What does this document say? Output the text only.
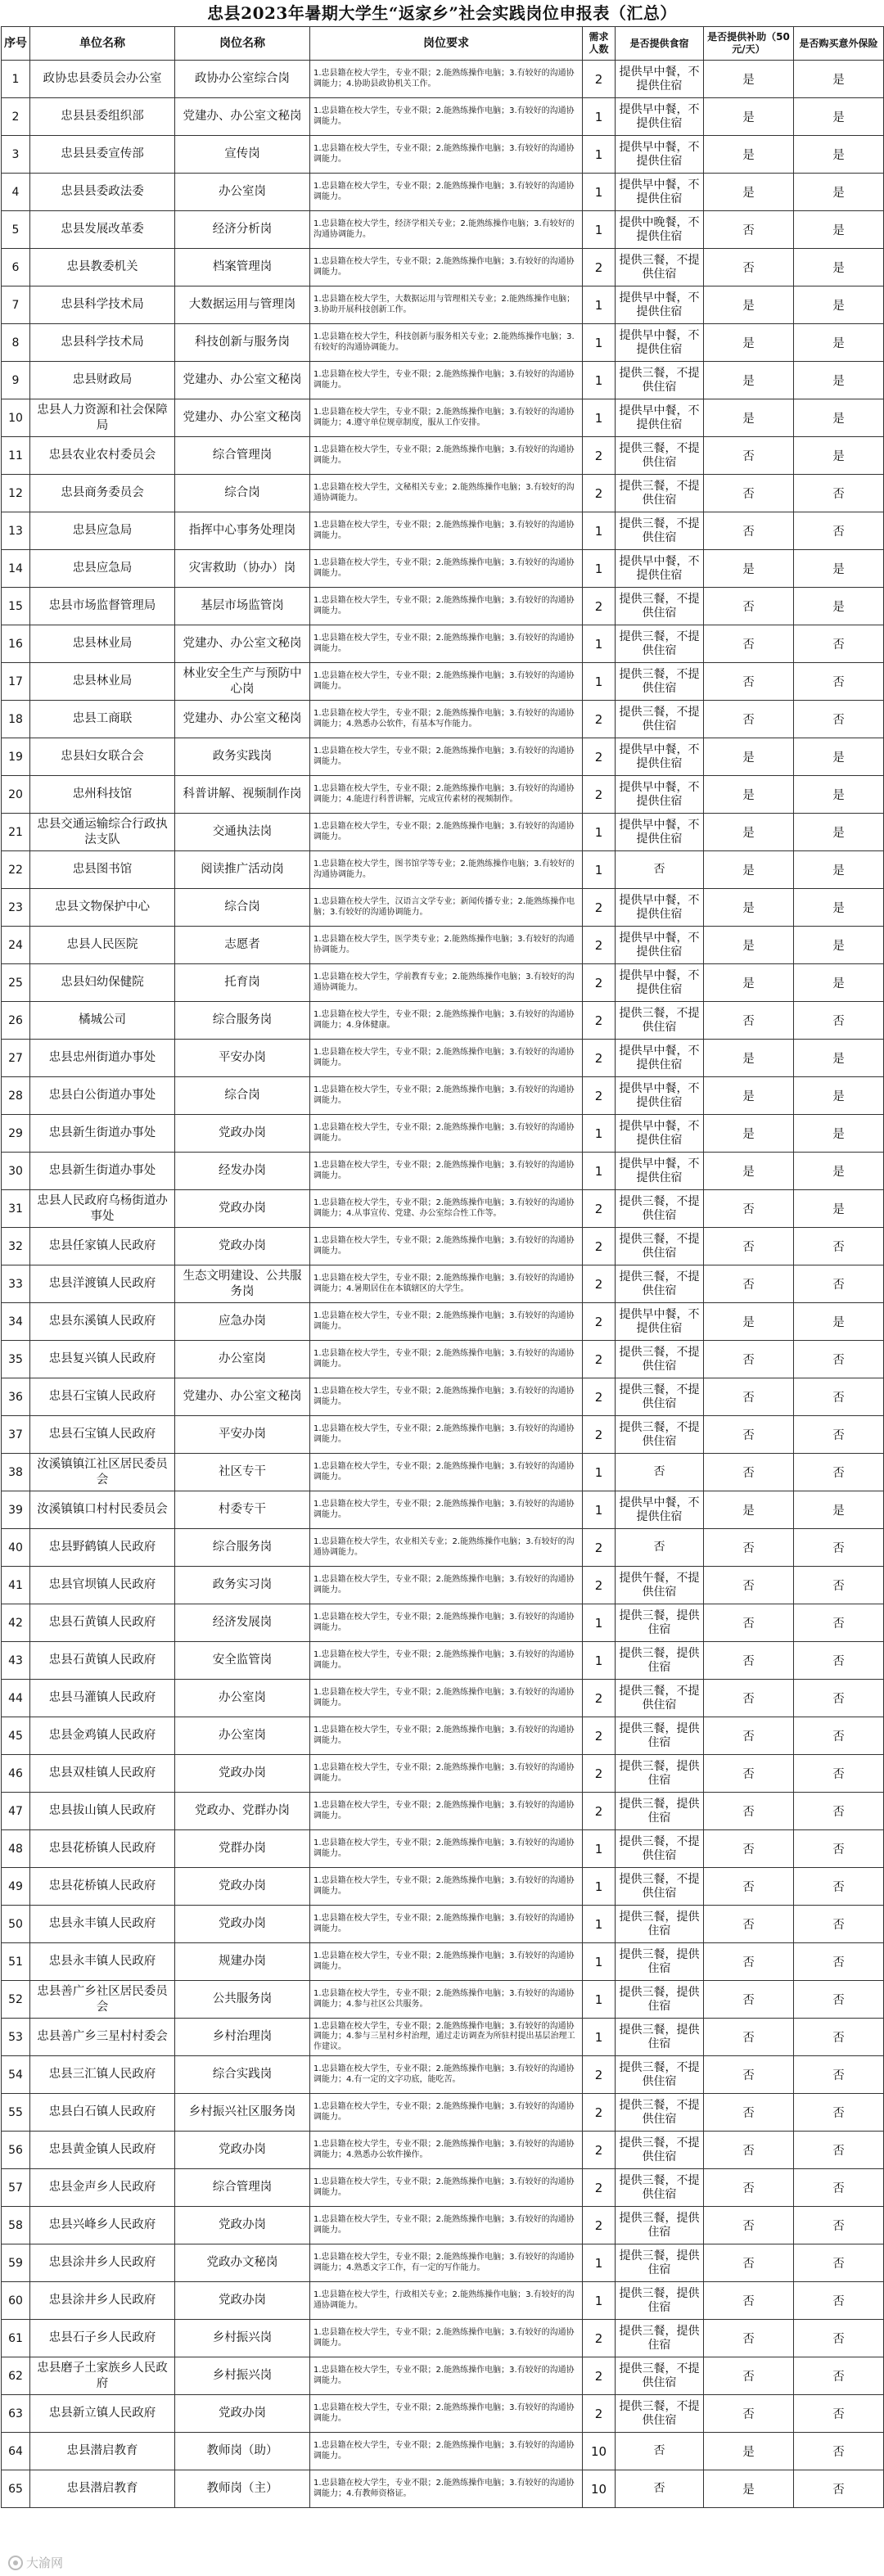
忠县2023年暑期大学生“返家乡”社会实践岗位申报表（汇总）
序号	单位名称	岗位名称	岗位要求	需求人数	是否提供食宿	是否提供补助（50元/天）	是否购买意外保险
1	政协忠县委员会办公室	政协办公室综合岗	1.忠县籍在校大学生，专业不限；2.能熟练操作电脑；3.有较好的沟通协调能力；4.协助县政协机关工作。	2	提供早中餐，不提供住宿	是	是
2	忠县县委组织部	党建办、办公室文秘岗	1.忠县籍在校大学生，专业不限；2.能熟练操作电脑；3.有较好的沟通协调能力。	1	提供早中餐，不提供住宿	是	是
3	忠县县委宣传部	宣传岗	1.忠县籍在校大学生，专业不限；2.能熟练操作电脑；3.有较好的沟通协调能力。	1	提供早中餐，不提供住宿	是	是
4	忠县县委政法委	办公室岗	1.忠县籍在校大学生，专业不限；2.能熟练操作电脑；3.有较好的沟通协调能力。	1	提供早中餐，不提供住宿	是	是
5	忠县发展改革委	经济分析岗	1.忠县籍在校大学生，经济学相关专业；2.能熟练操作电脑；3.有较好的沟通协调能力。	1	提供中晚餐，不提供住宿	否	是
6	忠县教委机关	档案管理岗	1.忠县籍在校大学生，专业不限；2.能熟练操作电脑；3.有较好的沟通协调能力。	2	提供三餐，不提供住宿	否	是
7	忠县科学技术局	大数据运用与管理岗	1.忠县籍在校大学生，大数据运用与管理相关专业；2.能熟练操作电脑；3.协助开展科技创新工作。	1	提供早中餐，不提供住宿	是	是
8	忠县科学技术局	科技创新与服务岗	1.忠县籍在校大学生，科技创新与服务相关专业；2.能熟练操作电脑；3.有较好的沟通协调能力。	1	提供早中餐，不提供住宿	是	是
9	忠县财政局	党建办、办公室文秘岗	1.忠县籍在校大学生，专业不限；2.能熟练操作电脑；3.有较好的沟通协调能力。	1	提供三餐，不提供住宿	是	是
10	忠县人力资源和社会保障局	党建办、办公室文秘岗	1.忠县籍在校大学生，专业不限；2.能熟练操作电脑；3.有较好的沟通协调能力；4.遵守单位规章制度，服从工作安排。	1	提供早中餐，不提供住宿	是	是
11	忠县农业农村委员会	综合管理岗	1.忠县籍在校大学生，专业不限；2.能熟练操作电脑；3.有较好的沟通协调能力。	2	提供三餐，不提供住宿	否	是
12	忠县商务委员会	综合岗	1.忠县籍在校大学生，文秘相关专业；2.能熟练操作电脑；3.有较好的沟通协调能力。	2	提供三餐，不提供住宿	否	否
13	忠县应急局	指挥中心事务处理岗	1.忠县籍在校大学生，专业不限；2.能熟练操作电脑；3.有较好的沟通协调能力。	1	提供三餐，不提供住宿	否	否
14	忠县应急局	灾害救助（协办）岗	1.忠县籍在校大学生，专业不限；2.能熟练操作电脑；3.有较好的沟通协调能力。	1	提供早中餐，不提供住宿	是	是
15	忠县市场监督管理局	基层市场监管岗	1.忠县籍在校大学生，专业不限；2.能熟练操作电脑；3.有较好的沟通协调能力。	2	提供三餐，不提供住宿	否	是
16	忠县林业局	党建办、办公室文秘岗	1.忠县籍在校大学生，专业不限；2.能熟练操作电脑；3.有较好的沟通协调能力。	1	提供三餐，不提供住宿	否	否
17	忠县林业局	林业安全生产与预防中心岗	1.忠县籍在校大学生，专业不限；2.能熟练操作电脑；3.有较好的沟通协调能力。	1	提供三餐，不提供住宿	否	否
18	忠县工商联	党建办、办公室文秘岗	1.忠县籍在校大学生，专业不限；2.能熟练操作电脑；3.有较好的沟通协调能力；4.熟悉办公软件，有基本写作能力。	2	提供三餐，不提供住宿	否	否
19	忠县妇女联合会	政务实践岗	1.忠县籍在校大学生，专业不限；2.能熟练操作电脑；3.有较好的沟通协调能力。	2	提供早中餐，不提供住宿	是	是
20	忠州科技馆	科普讲解、视频制作岗	1.忠县籍在校大学生，专业不限；2.能熟练操作电脑；3.有较好的沟通协调能力；4.能进行科普讲解，完成宣传素材的视频制作。	2	提供早中餐，不提供住宿	是	是
21	忠县交通运输综合行政执法支队	交通执法岗	1.忠县籍在校大学生，专业不限；2.能熟练操作电脑；3.有较好的沟通协调能力。	1	提供早中餐，不提供住宿	是	是
22	忠县图书馆	阅读推广活动岗	1.忠县籍在校大学生，图书馆学等专业；2.能熟练操作电脑；3.有较好的沟通协调能力。	1	否	是	是
23	忠县文物保护中心	综合岗	1.忠县籍在校大学生，汉语言文学专业；新闻传播专业；2.能熟练操作电脑；3.有较好的沟通协调能力。	2	提供早中餐，不提供住宿	是	是
24	忠县人民医院	志愿者	1.忠县籍在校大学生，医学类专业；2.能熟练操作电脑；3.有较好的沟通协调能力。	2	提供早中餐，不提供住宿	是	是
25	忠县妇幼保健院	托育岗	1.忠县籍在校大学生，学前教育专业；2.能熟练操作电脑；3.有较好的沟通协调能力。	2	提供早中餐，不提供住宿	是	是
26	橘城公司	综合服务岗	1.忠县籍在校大学生，专业不限；2.能熟练操作电脑；3.有较好的沟通协调能力；4.身体健康。	2	提供三餐，不提供住宿	否	否
27	忠县忠州街道办事处	平安办岗	1.忠县籍在校大学生，专业不限；2.能熟练操作电脑；3.有较好的沟通协调能力。	2	提供早中餐，不提供住宿	是	是
28	忠县白公街道办事处	综合岗	1.忠县籍在校大学生，专业不限；2.能熟练操作电脑；3.有较好的沟通协调能力。	2	提供早中餐，不提供住宿	是	是
29	忠县新生街道办事处	党政办岗	1.忠县籍在校大学生，专业不限；2.能熟练操作电脑；3.有较好的沟通协调能力。	1	提供早中餐，不提供住宿	是	是
30	忠县新生街道办事处	经发办岗	1.忠县籍在校大学生，专业不限；2.能熟练操作电脑；3.有较好的沟通协调能力。	1	提供早中餐，不提供住宿	是	是
31	忠县人民政府乌杨街道办事处	党政办岗	1.忠县籍在校大学生，专业不限；2.能熟练操作电脑；3.有较好的沟通协调能力；4.从事宣传、党建、办公室综合性工作等。	2	提供三餐，不提供住宿	否	是
32	忠县任家镇人民政府	党政办岗	1.忠县籍在校大学生，专业不限；2.能熟练操作电脑；3.有较好的沟通协调能力。	2	提供三餐，不提供住宿	否	否
33	忠县洋渡镇人民政府	生态文明建设、公共服务岗	1.忠县籍在校大学生，专业不限；2.能熟练操作电脑；3.有较好的沟通协调能力；4.暑期居住在本镇辖区的大学生。	2	提供三餐，不提供住宿	否	否
34	忠县东溪镇人民政府	应急办岗	1.忠县籍在校大学生，专业不限；2.能熟练操作电脑；3.有较好的沟通协调能力。	2	提供早中餐，不提供住宿	是	是
35	忠县复兴镇人民政府	办公室岗	1.忠县籍在校大学生，专业不限；2.能熟练操作电脑；3.有较好的沟通协调能力。	2	提供三餐，不提供住宿	否	否
36	忠县石宝镇人民政府	党建办、办公室文秘岗	1.忠县籍在校大学生，专业不限；2.能熟练操作电脑；3.有较好的沟通协调能力。	2	提供三餐，不提供住宿	否	否
37	忠县石宝镇人民政府	平安办岗	1.忠县籍在校大学生，专业不限；2.能熟练操作电脑；3.有较好的沟通协调能力。	2	提供三餐，不提供住宿	否	否
38	汝溪镇镇江社区居民委员会	社区专干	1.忠县籍在校大学生，专业不限；2.能熟练操作电脑；3.有较好的沟通协调能力。	1	否	否	否
39	汝溪镇镇口村村民委员会	村委专干	1.忠县籍在校大学生，专业不限；2.能熟练操作电脑；3.有较好的沟通协调能力。	1	提供早中餐，不提供住宿	是	是
40	忠县野鹤镇人民政府	综合服务岗	1.忠县籍在校大学生，农业相关专业；2.能熟练操作电脑；3.有较好的沟通协调能力。	2	否	否	否
41	忠县官坝镇人民政府	政务实习岗	1.忠县籍在校大学生，专业不限；2.能熟练操作电脑；3.有较好的沟通协调能力。	2	提供午餐，不提供住宿	否	否
42	忠县石黄镇人民政府	经济发展岗	1.忠县籍在校大学生，专业不限；2.能熟练操作电脑；3.有较好的沟通协调能力。	1	提供三餐，提供住宿	否	否
43	忠县石黄镇人民政府	安全监管岗	1.忠县籍在校大学生，专业不限；2.能熟练操作电脑；3.有较好的沟通协调能力。	1	提供三餐，提供住宿	否	否
44	忠县马灌镇人民政府	办公室岗	1.忠县籍在校大学生，专业不限；2.能熟练操作电脑；3.有较好的沟通协调能力。	2	提供三餐，不提供住宿	否	否
45	忠县金鸡镇人民政府	办公室岗	1.忠县籍在校大学生，专业不限；2.能熟练操作电脑；3.有较好的沟通协调能力。	2	提供三餐，提供住宿	否	否
46	忠县双桂镇人民政府	党政办岗	1.忠县籍在校大学生，专业不限；2.能熟练操作电脑；3.有较好的沟通协调能力。	2	提供三餐，提供住宿	否	否
47	忠县拔山镇人民政府	党政办、党群办岗	1.忠县籍在校大学生，专业不限；2.能熟练操作电脑；3.有较好的沟通协调能力。	2	提供三餐，提供住宿	否	否
48	忠县花桥镇人民政府	党群办岗	1.忠县籍在校大学生，专业不限；2.能熟练操作电脑；3.有较好的沟通协调能力。	1	提供三餐，不提供住宿	否	否
49	忠县花桥镇人民政府	党政办岗	1.忠县籍在校大学生，专业不限；2.能熟练操作电脑；3.有较好的沟通协调能力。	1	提供三餐，不提供住宿	否	否
50	忠县永丰镇人民政府	党政办岗	1.忠县籍在校大学生，专业不限；2.能熟练操作电脑；3.有较好的沟通协调能力。	1	提供三餐，提供住宿	否	否
51	忠县永丰镇人民政府	规建办岗	1.忠县籍在校大学生，专业不限；2.能熟练操作电脑；3.有较好的沟通协调能力。	1	提供三餐，提供住宿	否	否
52	忠县善广乡社区居民委员会	公共服务岗	1.忠县籍在校大学生，专业不限；2.能熟练操作电脑；3.有较好的沟通协调能力；4.参与社区公共服务。	1	提供三餐，提供住宿	否	否
53	忠县善广乡三星村村委会	乡村治理岗	1.忠县籍在校大学生，专业不限；2.能熟练操作电脑；3.有较好的沟通协调能力；4.参与三星村乡村治理，通过走访调查为所驻村提出基层治理工作建议。	1	提供三餐，提供住宿	否	否
54	忠县三汇镇人民政府	综合实践岗	1.忠县籍在校大学生，专业不限；2.能熟练操作电脑；3.有较好的沟通协调能力；4.有一定的文字功底，能吃苦。	2	提供三餐，不提供住宿	否	否
55	忠县白石镇人民政府	乡村振兴社区服务岗	1.忠县籍在校大学生，专业不限；2.能熟练操作电脑；3.有较好的沟通协调能力。	2	提供三餐，不提供住宿	否	否
56	忠县黄金镇人民政府	党政办岗	1.忠县籍在校大学生，专业不限；2.能熟练操作电脑；3.有较好的沟通协调能力；4.熟悉办公软件操作。	2	提供三餐，不提供住宿	否	否
57	忠县金声乡人民政府	综合管理岗	1.忠县籍在校大学生，专业不限；2.能熟练操作电脑；3.有较好的沟通协调能力。	2	提供三餐，不提供住宿	否	否
58	忠县兴峰乡人民政府	党政办岗	1.忠县籍在校大学生，专业不限；2.能熟练操作电脑；3.有较好的沟通协调能力。	2	提供三餐，提供住宿	否	否
59	忠县涂井乡人民政府	党政办文秘岗	1.忠县籍在校大学生，专业不限；2.能熟练操作电脑；3.有较好的沟通协调能力；4.熟悉文字工作，有一定的写作能力。	1	提供三餐，提供住宿	否	否
60	忠县涂井乡人民政府	党政办岗	1.忠县籍在校大学生，行政相关专业；2.能熟练操作电脑；3.有较好的沟通协调能力。	1	提供三餐，提供住宿	否	否
61	忠县石子乡人民政府	乡村振兴岗	1.忠县籍在校大学生，专业不限；2.能熟练操作电脑；3.有较好的沟通协调能力。	2	提供三餐，提供住宿	否	否
62	忠县磨子土家族乡人民政府	乡村振兴岗	1.忠县籍在校大学生，专业不限；2.能熟练操作电脑；3.有较好的沟通协调能力。	2	提供三餐，不提供住宿	否	否
63	忠县新立镇人民政府	党政办岗	1.忠县籍在校大学生，专业不限；2.能熟练操作电脑；3.有较好的沟通协调能力。	2	提供三餐，不提供住宿	否	否
64	忠县潜启教育	教师岗（助）	1.忠县籍在校大学生，专业不限；2.能熟练操作电脑；3.有较好的沟通协调能力。	10	否	是	否
65	忠县潜启教育	教师岗（主）	1.忠县籍在校大学生，专业不限；2.能熟练操作电脑；3.有较好的沟通协调能力；4.有教师资格证。	10	否	是	否
大渝网
